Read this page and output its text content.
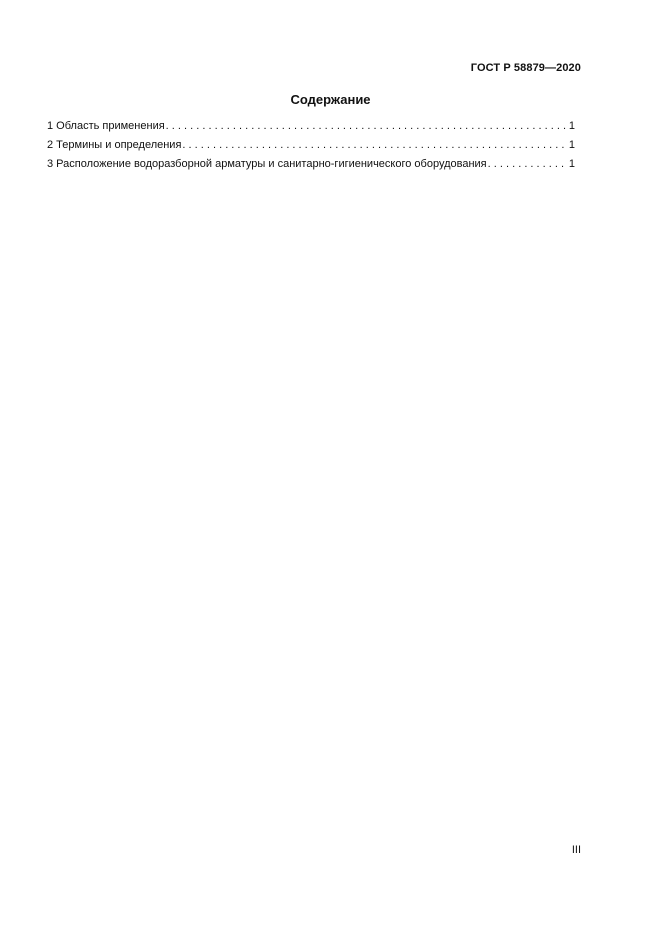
ГОСТ Р 58879—2020
Содержание
1 Область применения . . .	1
2 Термины и определения . . .	1
3 Расположение водоразборной арматуры и санитарно-гигиенического оборудования . . .	1
III
